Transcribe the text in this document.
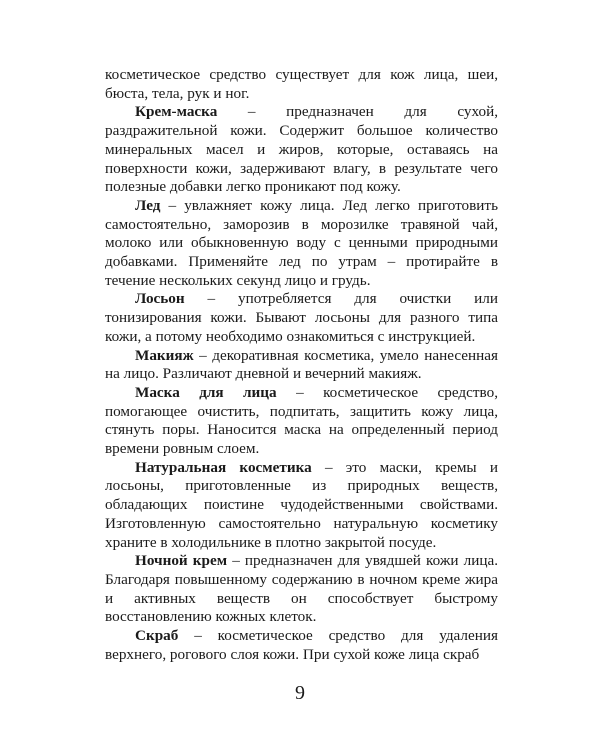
косметическое средство существует для кож лица, шеи, бюста, тела, рук и ног.

Крем-маска – предназначен для сухой, раздражительной кожи. Содержит большое количество минеральных масел и жиров, которые, оставаясь на поверхности кожи, задерживают влагу, в результате чего полезные добавки легко проникают под кожу.

Лед – увлажняет кожу лица. Лед легко приготовить самостоятельно, заморозив в морозилке травяной чай, молоко или обыкновенную воду с ценными природными добавками. Применяйте лед по утрам – протирайте в течение нескольких секунд лицо и грудь.

Лосьон – употребляется для очистки или тонизирования кожи. Бывают лосьоны для разного типа кожи, а потому необходимо ознакомиться с инструкцией.

Макияж – декоративная косметика, умело нанесенная на лицо. Различают дневной и вечерний макияж.

Маска для лица – косметическое средство, помогающее очистить, подпитать, защитить кожу лица, стянуть поры. Наносится маска на определенный период времени ровным слоем.

Натуральная косметика – это маски, кремы и лосьоны, приготовленные из природных веществ, обладающих поистине чудодейственными свойствами. Изготовленную самостоятельно натуральную косметику храните в холодильнике в плотно закрытой посуде.

Ночной крем – предназначен для увядшей кожи лица. Благодаря повышенному содержанию в ночном креме жира и активных веществ он способствует быстрому восстановлению кожных клеток.

Скраб – косметическое средство для удаления верхнего, рогового слоя кожи. При сухой коже лица скраб

9
